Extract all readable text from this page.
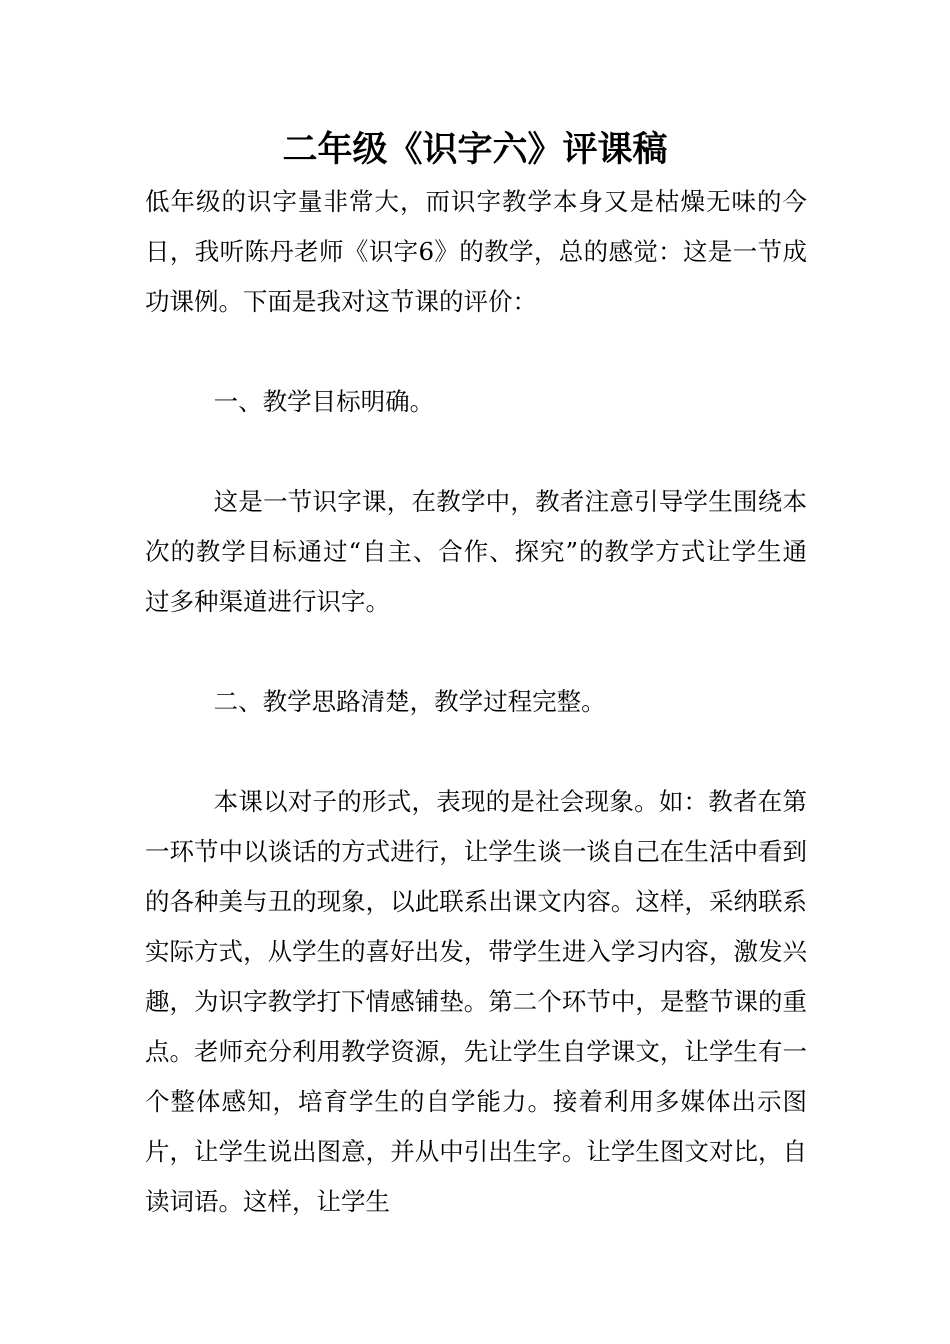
二年级《识字六》评课稿

低年级的识字量非常大，而识字教学本身又是枯燥无味的今日，我听陈丹老师《识字6》的教学，总的感觉：这是一节成功课例。下面是我对这节课的评价：

一、教学目标明确。

这是一节识字课，在教学中，教者注意引导学生围绕本次的教学目标通过“自主、合作、探究”的教学方式让学生通过多种渠道进行识字。

二、教学思路清楚，教学过程完整。

本课以对子的形式，表现的是社会现象。如：教者在第一环节中以谈话的方式进行，让学生谈一谈自己在生活中看到的各种美与丑的现象，以此联系出课文内容。这样，采纳联系实际方式，从学生的喜好出发，带学生进入学习内容，激发兴趣，为识字教学打下情感铺垫。第二个环节中，是整节课的重点。老师充分利用教学资源，先让学生自学课文，让学生有一个整体感知，培育学生的自学能力。接着利用多媒体出示图片，让学生说出图意，并从中引出生字。让学生图文对比，自读词语。这样，让学生
